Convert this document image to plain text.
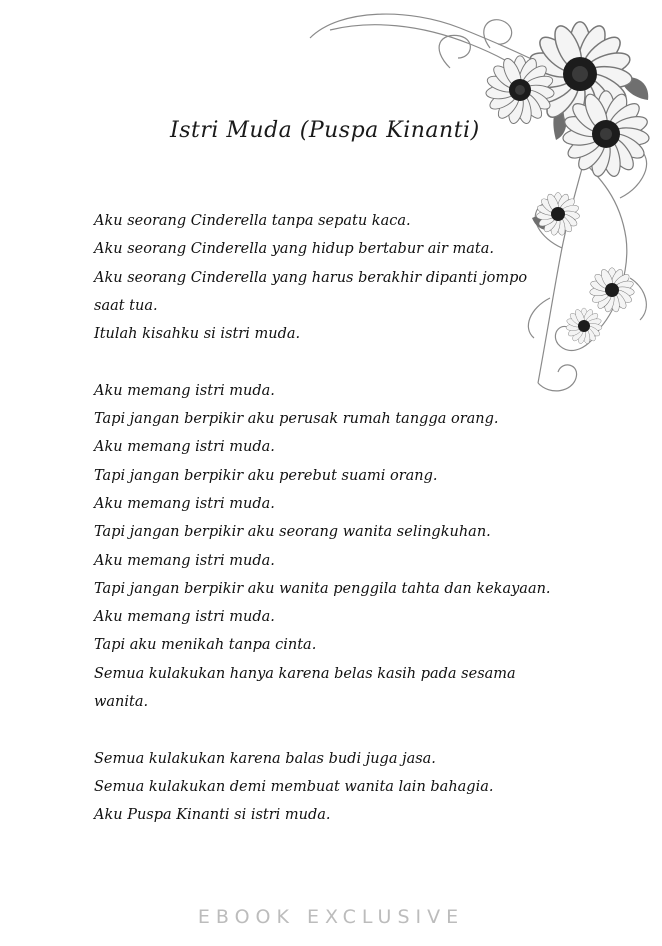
Istri Muda (Puspa Kinanti)
Aku seorang Cinderella tanpa sepatu kaca.
Aku seorang Cinderella yang hidup bertabur air mata.
Aku seorang Cinderella yang harus berakhir dipanti jompo
saat tua.
Itulah kisahku si istri muda.
Aku memang istri muda.
Tapi jangan berpikir aku perusak rumah tangga orang.
Aku memang istri muda.
Tapi jangan berpikir aku perebut suami orang.
Aku memang istri muda.
Tapi jangan berpikir aku seorang wanita selingkuhan.
Aku memang istri muda.
Tapi jangan berpikir aku wanita penggila tahta dan kekayaan.
Aku memang istri muda.
Tapi aku menikah tanpa cinta.
Semua kulakukan hanya karena belas kasih pada sesama
wanita.
Semua kulakukan karena balas budi juga jasa.
Semua kulakukan demi membuat wanita lain bahagia.
Aku Puspa Kinanti si istri muda.
EBOOK EXCLUSIVE
